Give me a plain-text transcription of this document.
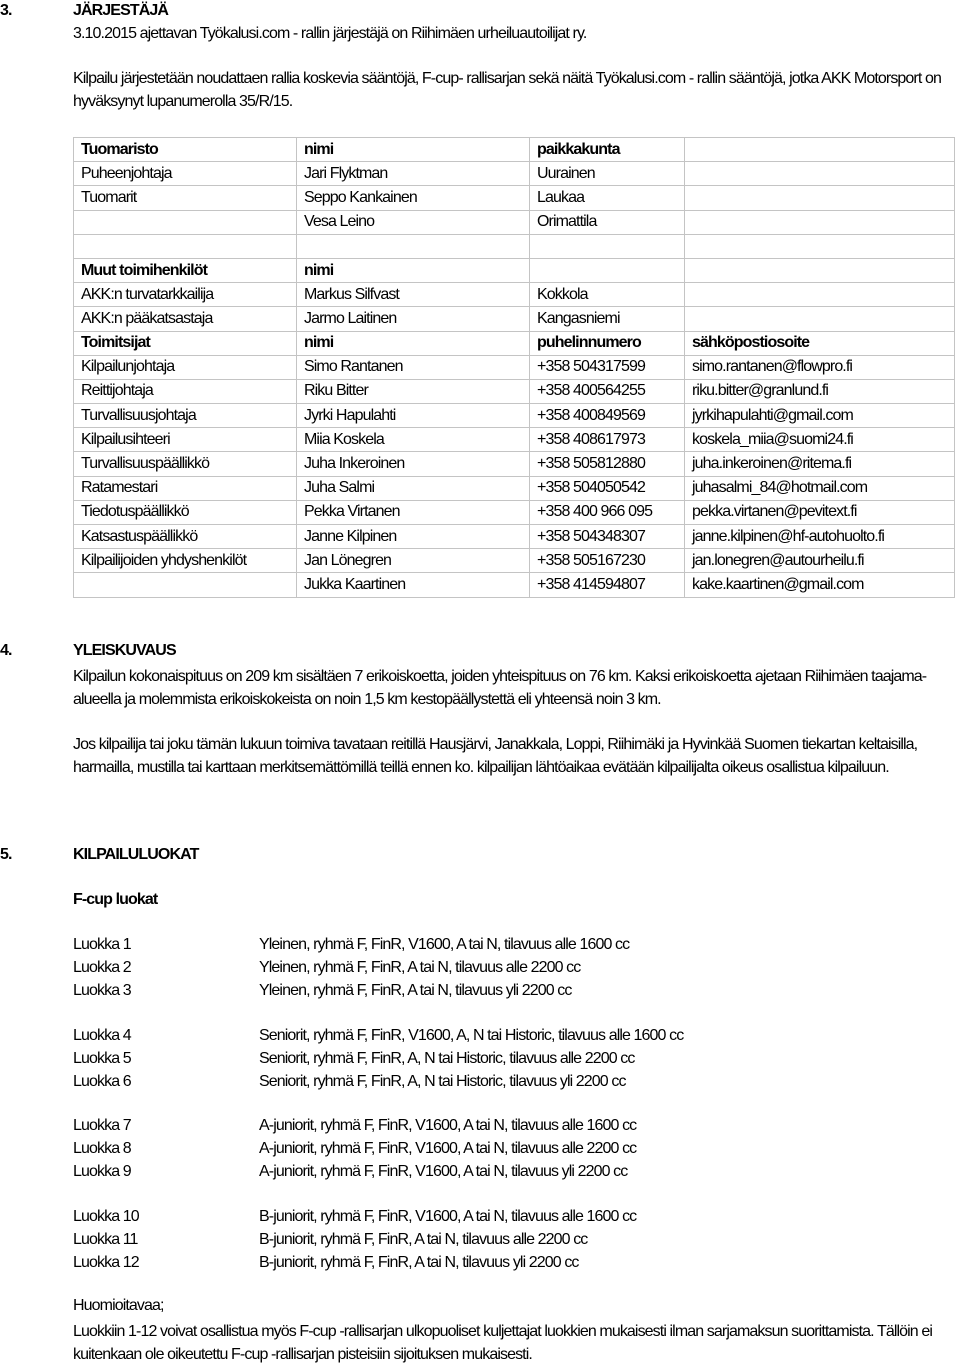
3.	JÄRJESTÄJÄ
3.10.2015 ajettavan Työkalusi.com - rallin järjestäjä on Riihimäen urheiluautoilijat ry.
Kilpailu järjestetään noudattaen rallia koskevia sääntöjä, F-cup- rallisarjan sekä näitä Työkalusi.com - rallin sääntöjä, jotka AKK Motorsport on hyväksynyt lupanumerolla 35/R/15.
Tuomaristo	nimi	paikkakunta	
Puheenjohtaja	Jari Flyktman	Uurainen	
Tuomarit	Seppo Kankainen	Laukaa	
	Vesa Leino	Orimattila	

Muut toimihenkilöt	nimi		
AKK:n turvatarkkailija	Markus Silfvast	Kokkola	
AKK:n pääkatsastaja	Jarmo Laitinen	Kangasniemi	
Toimitsijat	nimi	puhelinnumero	sähköpostiosoite
Kilpailunjohtaja	Simo Rantanen	+358 504317599	simo.rantanen@flowpro.fi
Reittijohtaja	Riku Bitter	+358 400564255	riku.bitter@granlund.fi
Turvallisuusjohtaja	Jyrki Hapulahti	+358 400849569	jyrkihapulahti@gmail.com
Kilpailusihteeri	Miia Koskela	+358 408617973	koskela_miia@suomi24.fi
Turvallisuuspäällikkö	Juha Inkeroinen	+358 505812880	juha.inkeroinen@ritema.fi
Ratamestari	Juha Salmi	+358 504050542	juhasalmi_84@hotmail.com
Tiedotuspäällikkö	Pekka Virtanen	+358 400 966 095	pekka.virtanen@pevitext.fi
Katsastuspäällikkö	Janne Kilpinen	+358 504348307	janne.kilpinen@hf-autohuolto.fi
Kilpailijoiden yhdyshenkilöt	Jan Lönegren	+358 505167230	jan.lonegren@autourheilu.fi
	Jukka Kaartinen	+358 414594807	kake.kaartinen@gmail.com
4.	YLEISKUVAUS
Kilpailun kokonaispituus on 209 km sisältäen 7 erikoiskoetta, joiden yhteispituus on 76 km. Kaksi erikoiskoetta ajetaan Riihimäen taajama- alueella ja molemmista erikoiskokeista on noin 1,5 km kestopäällystettä eli yhteensä noin 3 km.
Jos kilpailija tai joku tämän lukuun toimiva tavataan reitillä Hausjärvi, Janakkala, Loppi, Riihimäki ja Hyvinkää Suomen tiekartan keltaisilla, harmailla, mustilla tai karttaan merkitsemättömillä teillä ennen ko. kilpailijan lähtöaikaa evätään kilpailijalta oikeus osallistua kilpailuun.
5.	KILPAILULUOKAT
F-cup luokat
Luokka 1	Yleinen, ryhmä F, FinR, V1600, A tai N, tilavuus alle 1600 cc
Luokka 2	Yleinen, ryhmä F, FinR, A tai N, tilavuus alle 2200 cc
Luokka 3	Yleinen, ryhmä F, FinR, A tai N, tilavuus yli 2200 cc
Luokka 4	Seniorit, ryhmä F, FinR, V1600, A, N tai Historic, tilavuus alle 1600 cc
Luokka 5	Seniorit, ryhmä F, FinR, A, N tai Historic, tilavuus alle 2200 cc
Luokka 6	Seniorit, ryhmä F, FinR, A, N tai Historic, tilavuus yli 2200 cc
Luokka 7	A-juniorit, ryhmä F, FinR, V1600, A tai N, tilavuus alle 1600 cc
Luokka 8	A-juniorit, ryhmä F, FinR, V1600, A tai N, tilavuus alle 2200 cc
Luokka 9	A-juniorit, ryhmä F, FinR, V1600, A tai N, tilavuus yli 2200 cc
Luokka 10	B-juniorit, ryhmä F, FinR, V1600, A tai N, tilavuus alle 1600 cc
Luokka 11	B-juniorit, ryhmä F, FinR, A tai N, tilavuus alle 2200 cc
Luokka 12	B-juniorit, ryhmä F, FinR, A tai N, tilavuus yli 2200 cc
Huomioitavaa;
Luokkiin 1-12 voivat osallistua myös F-cup -rallisarjan ulkopuoliset kuljettajat luokkien mukaisesti ilman sarjamaksun suorittamista. Tällöin ei kuitenkaan ole oikeutettu F-cup -rallisarjan pisteisiin sijoituksen mukaisesti.
